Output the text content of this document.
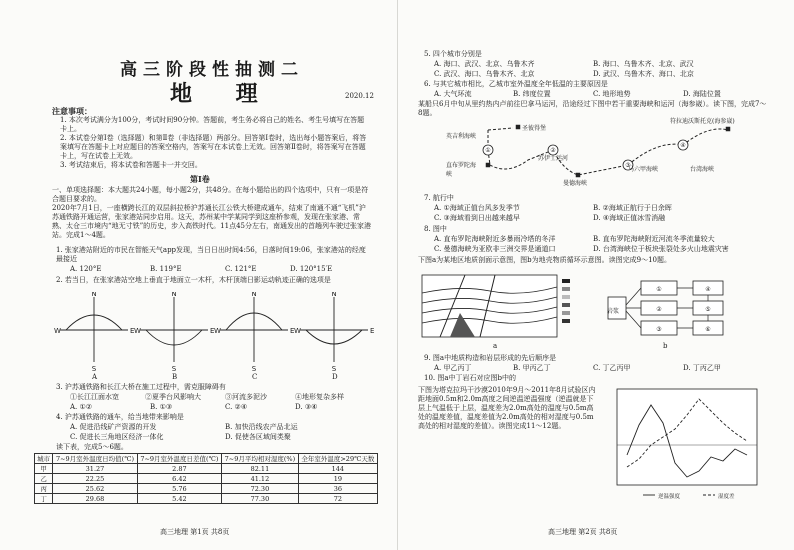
高三阶段性抽测二
地 理	2020.12
注意事项：
1. 本次考试满分为100分，考试时间90分钟。答题前，考生务必将自己的姓名、考生号填写在答题卡上。
2. 本试卷分第Ⅰ卷（选择题）和第Ⅱ卷（非选择题）两部分。回答第Ⅰ卷时，选出每小题答案后，将答案填写在答题卡上对应题目的答案空格内，答案写在本试卷上无效。回答第Ⅱ卷时，将答案写在答题卡上，写在试卷上无效。
3. 考试结束后，将本试卷和答题卡一并交回。
第Ⅰ卷
一、单项选择题：本大题共24小题，每小题2分，共48分。在每小题给出的四个选项中，只有一项是符合题目要求的。
2020年7月1日，一座横跨长江的双层斜拉桥沪苏通长江公铁大桥建成通车，结束了南通不通“飞机”沪苏通铁路开通运营，张家港站同步启用。这天，苏州某中学某同学到这座桥参观，发现在张家港、常熟、太仓三市境内“地无寸铁”的历史，步入高铁时代。11点45分左右，南通发出的首趟列车驶过张家港站。完成1～4题。
1. 张家港站附近的市民在智能天气app发现，当日日出时间4:56，日落时间19:06，张家港站的经度最接近
A. 120°E	B. 119°E	C. 121°E	D. 120°15′E
2. 若当日，在张家港站空地上垂直于地面立一木杆，木杆顶端日影运动轨迹正确的选项是
N
S
W	E
N
S
W	E
N
S
W	E
N
S
W	E
A	B	C	D
3. 沪苏通铁路和长江大桥在施工过程中，需克服障碍有
①长江江面水宽	②夏季台风影响大	③河流多泥沙	④地形复杂多样
A. ①②	B. ①③	C. ②④	D. ③④
4. 沪苏通铁路的通车，给当地带来影响是
A. 促进沿线矿产资源的开发	B. 加快沿线农产品北运
C. 促进长三角地区经济一体化	D. 促使各区域间类聚
读下表，完成5～6题。
城市	7~9月室外温度日均值(℃)	7~9月室外温度日差值(℃)	7~9月平均相对湿度(%)	全年室外温度>29℃天数
甲	31.27	2.87	82.11	144
乙	22.25	6.42	41.12	19
丙	25.62	5.76	72.30	36
丁	29.68	5.42	77.30	72
高三地理 第1页 共8页
5. 四个城市分别是
A. 海口、武汉、北京、乌鲁木齐	B. 海口、乌鲁木齐、北京、武汉
C. 武汉、海口、乌鲁木齐、北京	D. 武汉、乌鲁木齐、海口、北京
6. 与其它城市相比，乙城市室外温度全年低温的主要原因是
A. 大气环流	B. 纬度位置	C. 地形地势	D. 海陆位置
某船只6月中旬从里约热内卢前往巴拿马运河，沿途经过下图中若干重要海峡和运河（海参崴）。读下图，完成7～8题。
①	②
③
④
英吉利海峡
直布罗陀海峡
苏伊士运河
曼德海峡
马六甲海峡	台湾海峡
符拉迪沃斯托克(海参崴)
圣彼得堡
7. 航行中
A. ①海域正值台风多发季节	B. ②海域正航行于日余晖
C. ③海域看到日出越来越早	D. ④海域正值冰雪消融
8. 图中
A. 直布罗陀海峡附近多暴雨冷塔的冬洋	B. 直布罗陀海峡附近河流冬季流量较大
C. 曼德海峡为亚欧非三洲交界是通道口	D. 台湾海峡位于板块张裂处多火山地震灾害
下图a为某地区地质剖面示意图，图b为地壳物质循环示意图。读图完成9～10题。
a
①
②
③
④
⑤
⑥
岩浆
b
9. 图a中地质构造和岩层形成的先后顺序是
A. 甲乙丙丁	B. 甲丙乙丁	C. 丁乙丙甲	D. 丁丙乙甲
10. 图a中丁岩石对应图b中的
下图为塔克拉玛干沙漠2010年9月～2011年8月试验区内距地面0.5m和2.0m高度之间逆温逆温强度（逆温就是下层上气温低于上层，温度差为2.0m高处的温度与0.5m高处的温度差值，温度差值为2.0m高处的相对湿度与0.5m高处的相对湿度的差值）。读图完成11～12题。
逆温强度	湿度差
高三地理 第2页 共8页
